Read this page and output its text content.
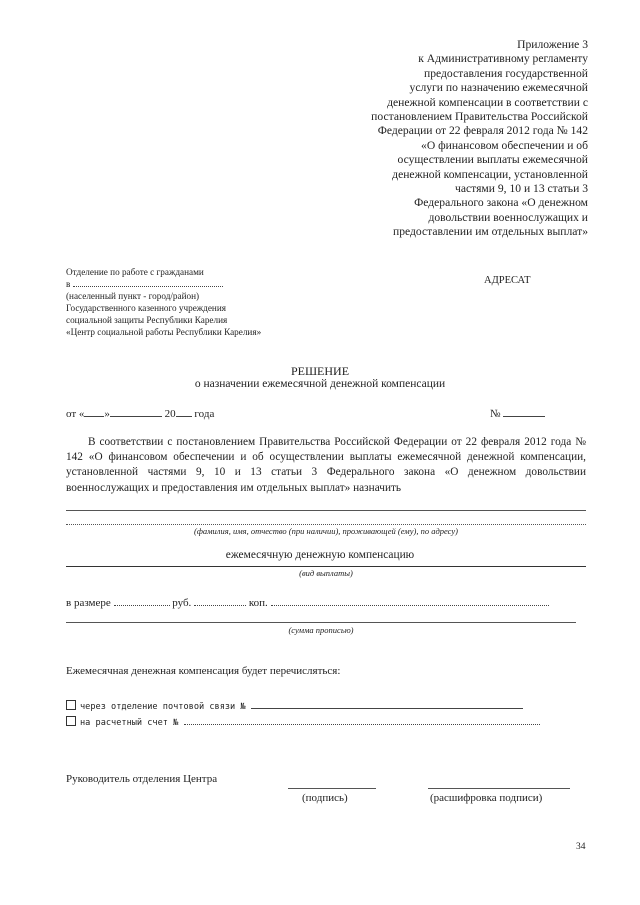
Приложение 3
к Административному регламенту
предоставления государственной
услуги по назначению ежемесячной
денежной компенсации в соответствии с
постановлением Правительства Российской
Федерации от 22 февраля 2012 года № 142
«О финансовом обеспечении и об
осуществлении выплаты ежемесячной
денежной компенсации, установленной
частями 9, 10 и 13 статьи 3
Федерального закона «О денежном
довольствии военнослужащих и
предоставлении им отдельных выплат»
Отделение по работе с гражданами
в
(населенный пункт - город/район)
Государственного казенного учреждения
социальной защиты Республики Карелия
«Центр социальной работы Республики Карелия»
АДРЕСАТ
РЕШЕНИЕ
о назначении ежемесячной денежной компенсации
от « »	20 года	№
В соответствии с постановлением Правительства Российской Федерации от 22 февраля 2012 года № 142 «О финансовом обеспечении и об осуществлении выплаты ежемесячной денежной компенсации, установленной частями 9, 10 и 13 статьи 3 Федерального закона «О денежном довольствии военнослужащих и предоставления им отдельных выплат» назначить
(фамилия, имя, отчество (при наличии), проживающей (ему), по адресу)
ежемесячную денежную компенсацию
(вид выплаты)
в размере	руб.	коп.
(сумма прописью)
Ежемесячная денежная компенсация будет перечисляться:
через отделение почтовой связи №
на расчетный счет №
Руководитель отделения Центра
(подпись)	(расшифровка подписи)
34
